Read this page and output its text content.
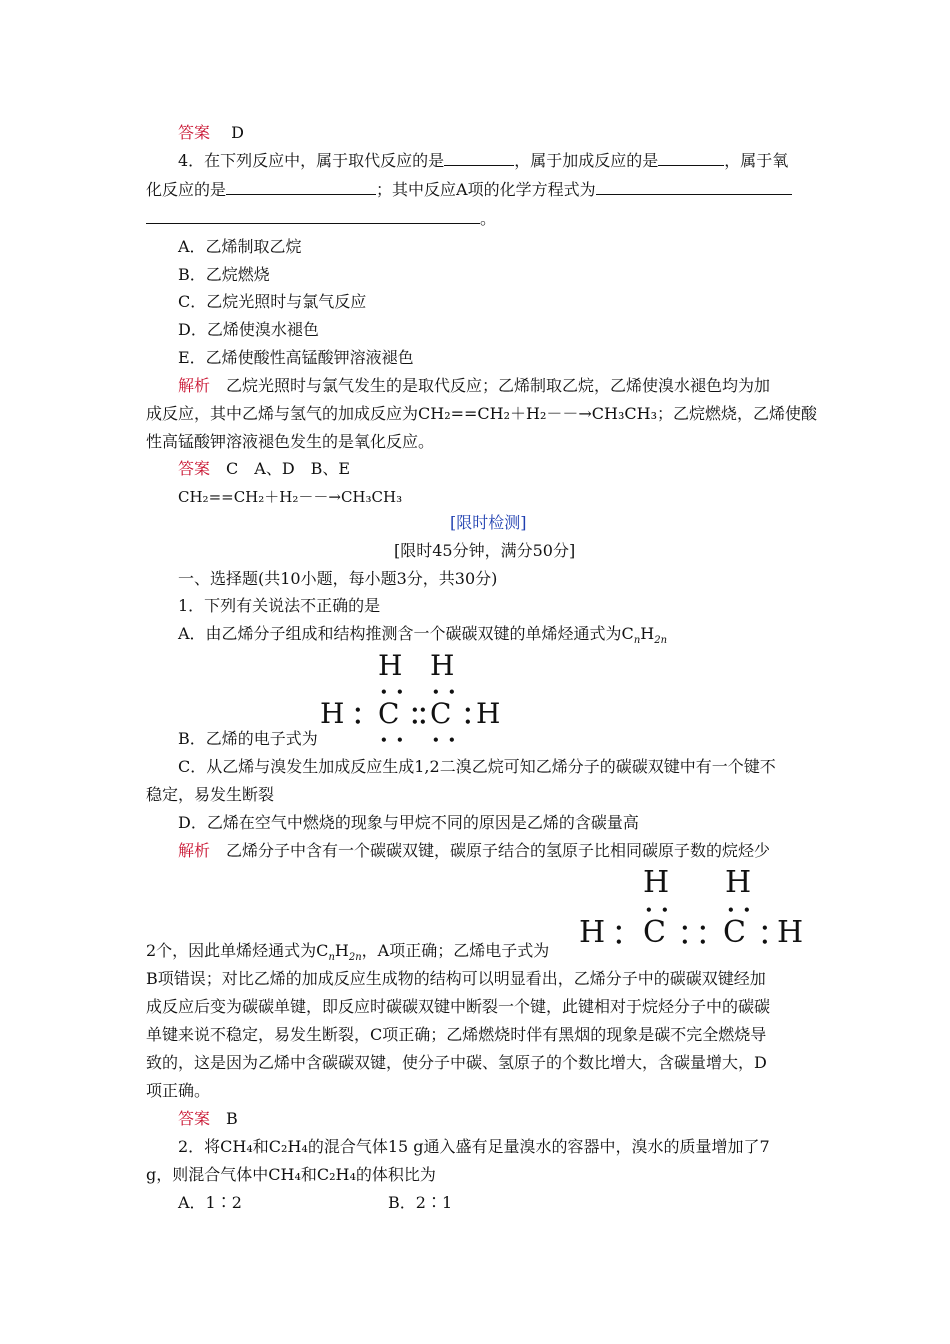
答案　 D
4．在下列反应中，属于取代反应的是	，属于加成反应的是	，属于氧
化反应的是	；其中反应A项的化学方程式为
。
A．乙烯制取乙烷
B．乙烷燃烧
C．乙烷光照时与氯气反应
D．乙烯使溴水褪色
E．乙烯使酸性高锰酸钾溶液褪色
解析　 乙烷光照时与氯气发生的是取代反应；乙烯制取乙烷，乙烯使溴水褪色均为加
成反应，其中乙烯与氢气的加成反应为CH₂==CH₂＋H₂－－→CH₃CH₃；乙烷燃烧，乙烯使酸
性高锰酸钾溶液褪色发生的是氧化反应。
答案　 C　A、D　B、E
CH₂==CH₂＋H₂－－→CH₃CH₃
[限时检测]
[限时45分钟，满分50分]
一、选择题(共10小题，每小题3分，共30分)
1．下列有关说法不正确的是
A．由乙烯分子组成和结构推测含一个碳碳双键的单烯烃通式为$C_nH_{2n}$
H H
• • • •
H •
• C •
•
•
• C •
• H
• • • •
B．乙烯的电子式为
C．从乙烯与溴发生加成反应生成1,2二溴乙烷可知乙烯分子的碳碳双键中有一个键不
稳定，易发生断裂
D．乙烯在空气中燃烧的现象与甲烷不同的原因是乙烯的含碳量高
解析　 乙烯分子中含有一个碳碳双键，碳原子结合的氢原子比相同碳原子数的烷烃少
H H
• •	• •
H •
• C •
•
•
• C •
• H
2个，因此单烯烃通式为$C_nH_{2n}$，A项正确；乙烯电子式为
B项错误；对比乙烯的加成反应生成物的结构可以明显看出，乙烯分子中的碳碳双键经加
成反应后变为碳碳单键，即反应时碳碳双键中断裂一个键，此键相对于烷烃分子中的碳碳
单键来说不稳定，易发生断裂，C项正确；乙烯燃烧时伴有黑烟的现象是碳不完全燃烧导
致的，这是因为乙烯中含碳碳双键，使分子中碳、氢原子的个数比增大，含碳量增大，D
项正确。
答案　 B
2．将CH₄和C₂H₄的混合气体15 g通入盛有足量溴水的容器中，溴水的质量增加了7
g，则混合气体中CH₄和C₂H₄的体积比为
A．1∶2	B．2∶1
